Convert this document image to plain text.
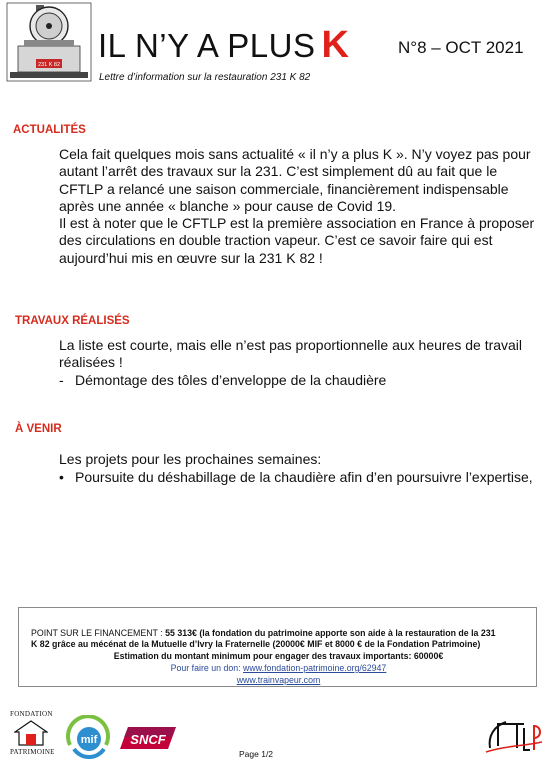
231 K 82
IL N’Y A PLUS K	N°8 – OCT 2021
Lettre d’information sur la restauration 231 K 82
ACTUALITÉS
Cela fait quelques mois sans actualité « il n’y a plus K ». N’y voyez pas pour autant l’arrêt des travaux sur la 231. C’est simplement dû au fait que le CFTLP a relancé une saison commerciale, financièrement indispensable après une année « blanche » pour cause de Covid 19.
Il est à noter que le CFTLP est la première association en France à proposer des circulations en double traction vapeur. C’est ce savoir faire qui est aujourd’hui mis en œuvre sur la 231 K 82 !
TRAVAUX RÉALISÉS
La liste est courte, mais elle n’est pas proportionnelle aux heures de travail réalisées !
- Démontage des tôles d’enveloppe de la chaudière
À VENIR
Les projets pour les prochaines semaines:
• Poursuite du déshabillage de la chaudière afin d’en poursuivre l’expertise,
POINT SUR LE FINANCEMENT : 55 313€ (la fondation du patrimoine apporte son aide à la restauration de la 231
K 82 grâce au mécénat de la Mutuelle d’Ivry la Fraternelle (20000€ MIF et 8000 € de la Fondation Patrimoine)
Estimation du montant minimum pour engager des travaux importants: 60000€
Pour faire un don: www.fondation-patrimoine.org/62947
www.trainvapeur.com
FONDATION
PATRIMOINE
mif	SNCF
Page 1/2	CFTLP
